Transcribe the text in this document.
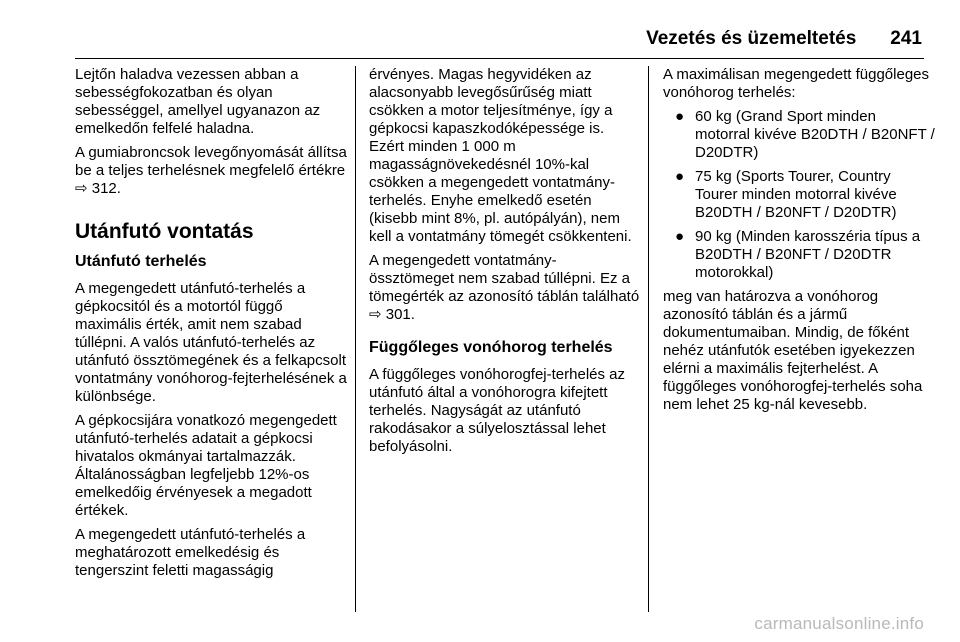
Vezetés és üzemeltetés 241

Lejtőn haladva vezessen abban a sebességfokozatban és olyan sebességgel, amellyel ugyanazon az emelkedőn felfelé haladna.

A gumiabroncsok levegőnyomását állítsa be a teljes terhelésnek megfelelő értékre ⇨ 312.

Utánfutó vontatás
Utánfutó terhelés

A megengedett utánfutó-terhelés a gépkocsitól és a motortól függő maximális érték, amit nem szabad túllépni. A valós utánfutó-terhelés az utánfutó össztömegének és a felkapcsolt vontatmány vonóhorog-fejterhelésének a különbsége.

A gépkocsijára vonatkozó megengedett utánfutó-terhelés adatait a gépkocsi hivatalos okmányai tartalmazzák. Általánosságban legfeljebb 12%-os emelkedőig érvényesek a megadott értékek.

A megengedett utánfutó-terhelés a meghatározott emelkedésig és tengerszint feletti magasságig

érvényes. Magas hegyvidéken az alacsonyabb levegősűrűség miatt csökken a motor teljesítménye, így a gépkocsi kapaszkodóképessége is. Ezért minden 1 000 m magasságnövekedésnél 10%-kal csökken a megengedett vontatmány-terhelés. Enyhe emelkedő esetén (kisebb mint 8%, pl. autópályán), nem kell a vontatmány tömegét csökkenteni.

A megengedett vontatmány-össztömeget nem szabad túllépni. Ez a tömegérték az azonosító táblán található ⇨ 301.

Függőleges vonóhorog terhelés

A függőleges vonóhorogfej-terhelés az utánfutó által a vonóhorogra kifejtett terhelés. Nagyságát az utánfutó rakodásakor a súlyelosztással lehet befolyásolni.

A maximálisan megengedett függőleges vonóhorog terhelés:

● 60 kg (Grand Sport minden motorral kivéve B20DTH / B20NFT / D20DTR)
● 75 kg (Sports Tourer, Country Tourer minden motorral kivéve B20DTH / B20NFT / D20DTR)
● 90 kg (Minden karosszéria típus a B20DTH / B20NFT / D20DTR motorokkal)

meg van határozva a vonóhorog azonosító táblán és a jármű dokumentumaiban. Mindig, de főként nehéz utánfutók esetében igyekezzen elérni a maximális fejterhelést. A függőleges vonóhorogfej-terhelés soha nem lehet 25 kg-nál kevesebb.

carmanualsonline.info
